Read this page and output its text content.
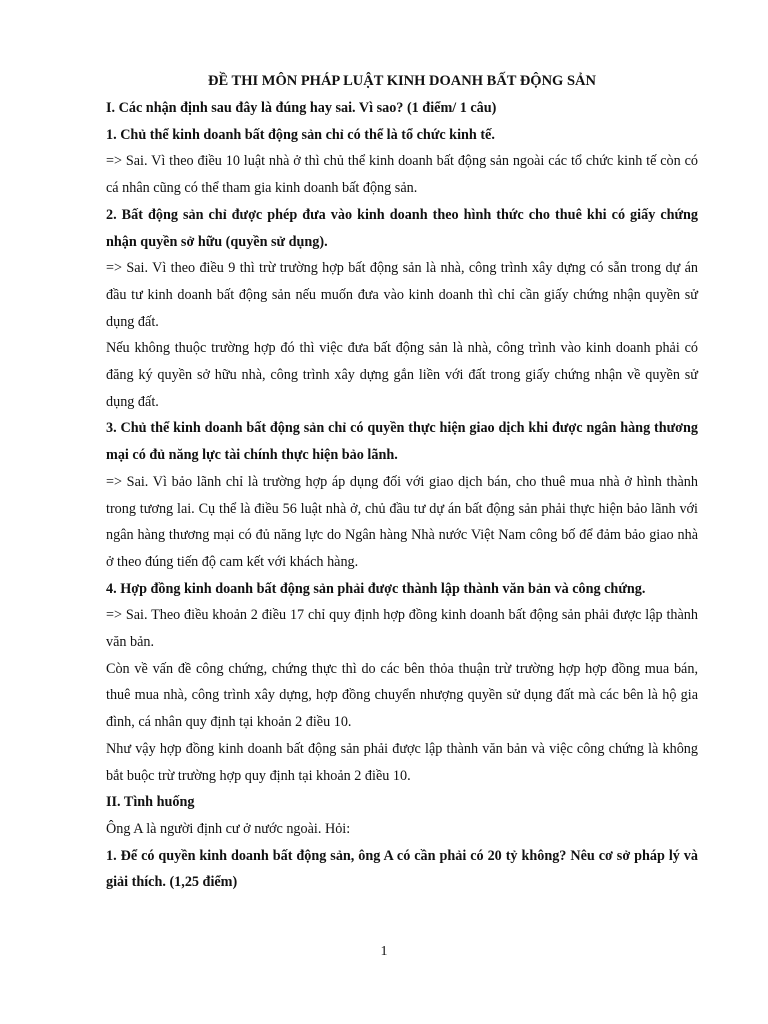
ĐỀ THI MÔN PHÁP LUẬT KINH DOANH BẤT ĐỘNG SẢN

I. Các nhận định sau đây là đúng hay sai. Vì sao? (1 điểm/ 1 câu)

1. Chủ thể kinh doanh bất động sản chỉ có thể là tổ chức kinh tế.

=> Sai. Vì theo điều 10 luật nhà ở thì chủ thể kinh doanh bất động sản ngoài các tổ chức kinh tế còn có cá nhân cũng có thể tham gia kinh doanh bất động sản.

2. Bất động sản chỉ được phép đưa vào kinh doanh theo hình thức cho thuê khi có giấy chứng nhận quyền sở hữu (quyền sử dụng).

=> Sai. Vì theo điều 9 thì trừ trường hợp bất động sản là nhà, công trình xây dựng có sẵn trong dự án đầu tư kinh doanh bất động sản nếu muốn đưa vào kinh doanh thì chỉ cần giấy chứng nhận quyền sử dụng đất.

Nếu không thuộc trường hợp đó thì việc đưa bất động sản là nhà, công trình vào kinh doanh phải có đăng ký quyền sở hữu nhà, công trình xây dựng gắn liền với đất trong giấy chứng nhận về quyền sử dụng đất.

3. Chủ thể kinh doanh bất động sản chỉ có quyền thực hiện giao dịch khi được ngân hàng thương mại có đủ năng lực tài chính thực hiện bảo lãnh.

=> Sai. Vì bảo lãnh chỉ là trường hợp áp dụng đối với giao dịch bán, cho thuê mua nhà ở hình thành trong tương lai. Cụ thể là điều 56 luật nhà ở, chủ đầu tư dự án bất động sản phải thực hiện bảo lãnh với ngân hàng thương mại có đủ năng lực do Ngân hàng Nhà nước Việt Nam công bố để đảm bảo giao nhà ở theo đúng tiến độ cam kết với khách hàng.

4. Hợp đồng kinh doanh bất động sản phải được thành lập thành văn bản và công chứng.

=> Sai. Theo điều khoản 2 điều 17 chỉ quy định hợp đồng kinh doanh bất động sản phải được lập thành văn bản.

Còn về vấn đề công chứng, chứng thực thì do các bên thỏa thuận trừ trường hợp hợp đồng mua bán, thuê mua nhà, công trình xây dựng, hợp đồng chuyển nhượng quyền sử dụng đất mà các bên là hộ gia đình, cá nhân quy định tại khoản 2 điều 10.

Như vậy hợp đồng kinh doanh bất động sản phải được lập thành văn bản và việc công chứng là không bắt buộc trừ trường hợp quy định tại khoản 2 điều 10.

II. Tình huống

Ông A là người định cư ở nước ngoài. Hỏi:

1. Để có quyền kinh doanh bất động sản, ông A có cần phải có 20 tỷ không? Nêu cơ sở pháp lý và giải thích. (1,25 điểm)

1
